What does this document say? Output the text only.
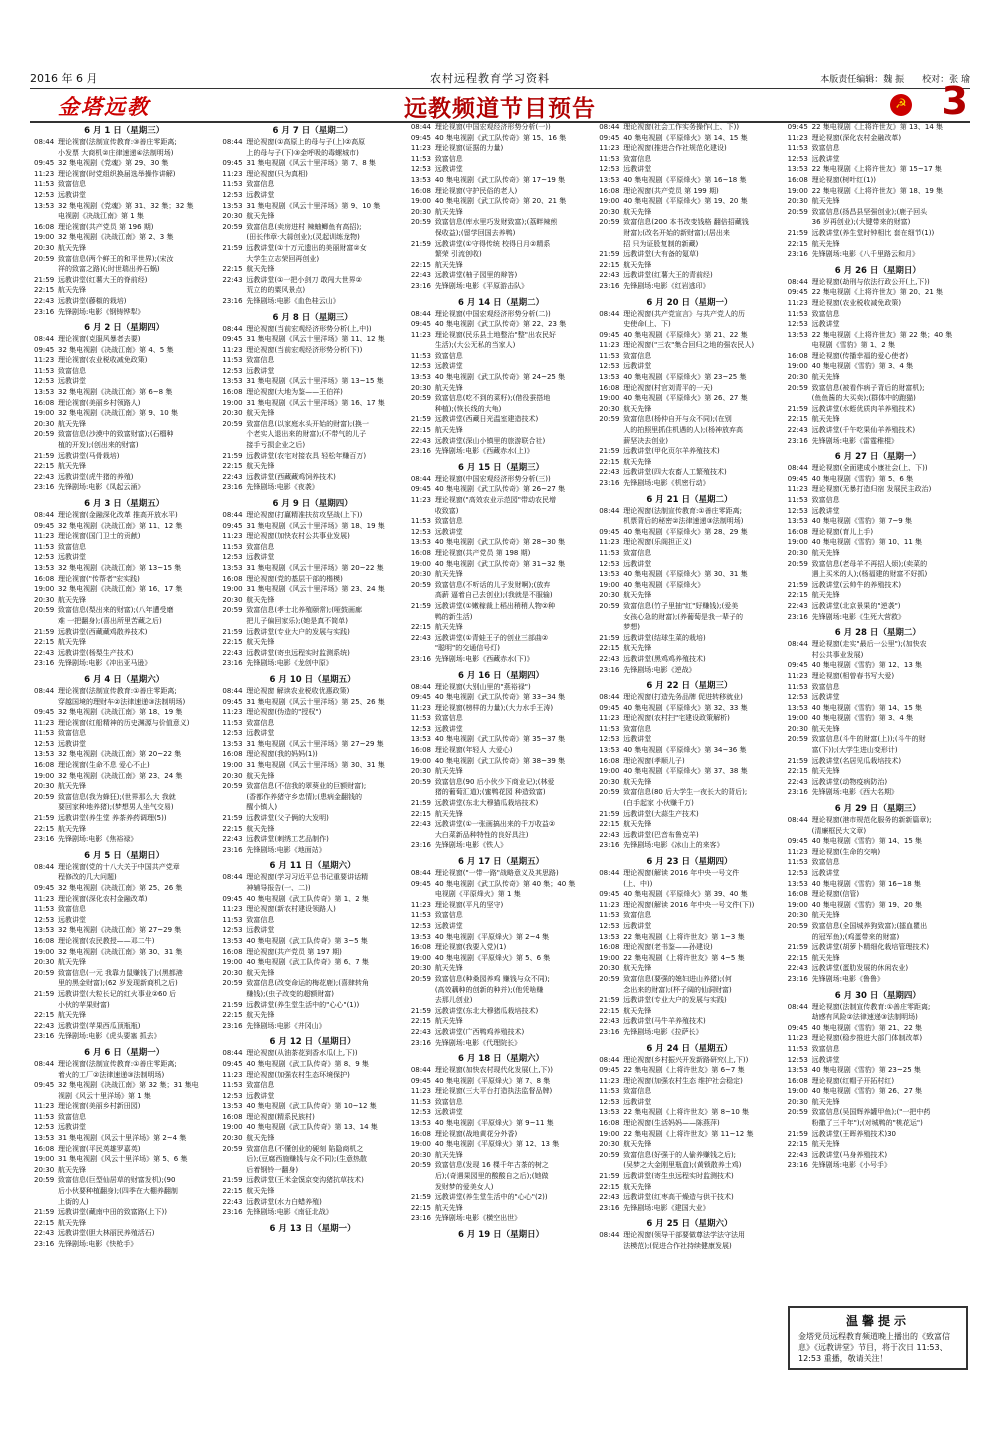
2016 年 6 月	农村远程教育学习资料	本版责任编辑：魏 振　　校对：张 瑜
金塔远教	远教频道节目预告	☭ 3
6 月 1 日（星期三）
08:44 理论视窗(法制宣传教育:③善庄零距离;
小发票 大商机②庄律速递④法制明场)
09:45 32 集电视剧《党魂》第 29、30 集
11:23 理论视窗(时党组织换届选举操作讲解)
11:53 致富信息
12:53 远教讲堂
13:53 32 集电视剧《党魂》第 31、32 集；32 集
电视剧《决战江南》第 1 集
16:08 理论视窗(共产党员 第 196 期)
19:00 32 集电视剧《决战江南》第 2、3 集
20:30 航天先锋
20:59 致富信息(两个鲜王的和平世界);(宋汝
祥的致富之路)(;时世瑞出养石蜗)
21:59 远教讲堂(红薯大王的脊前经)
22:15 航天先锋
22:43 远教讲堂(藤椒的栽培)
23:16 先锋剧场:电影《钢铸铧犁》
6 月 2 日（星期四）
08:44 理论视窗(克服风暴者去要)
09:45 32 集电视剧《决战江南》第 4、5 集
11:23 理论视窗(农业税收减免政策)
11:53 致富信息
12:53 远教讲堂
13:53 32 集电视剧《决战江南》第 6~8 集
16:08 理论视窗(美丽乡村领路人)
19:00 32 集电视剧《决战江南》第 9、10 集
20:30 航天先锋
20:59 致富信息(沙漠中的致富财富);(石榴种
植的开发);(创出来的财富)
21:59 远教讲堂(马骨栽培)
22:15 航天先锋
22:43 远教讲堂(虎牛猪的养殖)
23:16 先锋剧场:电影《凤起云涌》
6 月 3 日（星期五）
08:44 理论视窗(金融深化改革 推高开放水平)
09:45 32 集电视剧《决战江南》第 11、12 集
11:23 理论视窗(国门卫士的贡献)
11:53 致富信息
12:53 远教讲堂
13:53 32 集电视剧《决战江南》第 13~15 集
16:08 理论视窗("传帮者"宏实践)
19:00 32 集电视剧《决战江南》第 16、17 集
20:30 航天先锋
20:59 致富信息(梨出来的财富);(八年遭受磨
难 一把翻身);(喜出所里苦藏之后)
21:59 远教讲堂(西藏藏鸡散养技术)
22:15 航天先锋
22:43 远教讲堂(杨梨生产技术)
23:16 先锋剧场:电影《冲出亚马逊》
6 月 4 日（星期六）
08:44 理论视窗(法制宣传教育:①善庄零距离;
穿越国境的理财车②法律速递③法制明场)
09:45 32 集电视剧《决战江南》第 18、19 集
11:23 理论视窗(红船精神的历史渊源与价值意义)
11:53 致富信息
12:53 远教讲堂
13:53 32 集电视剧《决战江南》第 20~22 集
16:08 理论视窗(生命不息 爱心不止)
19:00 32 集电视剧《决战江南》第 23、24 集
20:30 航天先锋
20:59 致富信息(我为蜂狂);(世界那么大 我就
要回家种地养猪);(梦想男人坐气交易)
21:59 远教讲堂(养生堂 养茶养药调理(5))
22:15 航天先锋
23:16 先锋剧场:电影《焦裕禄》
6 月 5 日（星期日）
08:44 理论视窗(党的十八大关于中国共产党章
程修改的几大问题)
09:45 32 集电视剧《决战江南》第 25、26 集
11:23 理论视窗(深化农村金融改革)
11:53 致富信息
12:53 远教讲堂
13:53 32 集电视剧《决战江南》第 27~29 集
16:08 理论视窗(农民教授——邓二牛)
19:00 32 集电视剧《决战江南》第 30、31 集
20:30 航天先锋
20:59 致富信息(一元 我靠力鼠赚钱了);(黑都港
里的黑金财富);(62 岁发现新商机之后)
21:59 远教讲堂(大粒长记的红火事业②60 后
小伙的苹果财富)
22:15 航天先锋
22:43 远教讲堂(苹果西瓜顶瓶瓶)
23:16 先锋剧场:电影《虎头要塞 抓去》
6 月 6 日（星期一）
08:44 理论视窗(法制宣传教育:①善庄零距离;
着火的工厂②法律速递③法制明场)
09:45 32 集电视剧《决战江南》第 32 集；31 集电
视剧《风云十里洋场》第 1 集
11:23 理论视窗(美丽乡村新田园)
11:53 致富信息
12:53 远教讲堂
13:53 31 集电视剧《风云十里洋场》第 2~4 集
16:08 理论视窗(平民英雄罗嘉英)
19:00 31 集电视剧《风云十里洋场》第 5、6 集
20:30 航天先锋
20:59 致富信息(巨型仙居草的财富发机);(90
后小伙要种植翻身);(四季在大棚养翻制
上街的人)
21:59 远教讲堂(藏南中田的致富路(上下))
22:15 航天先锋
22:43 远教讲堂(胆大林丽民养殖活石)
23:16 先锋剧场:电影《快枪手》
6 月 7 日（星期二）
08:44 理论视窗(①高原上的母与子(上)②高原
上的母与子(下)③金呼吸的毒螺城市)
09:45 31 集电视剧《风云十里洋场》第 7、8 集
11:23 理论视窗(只为真相)
11:53 致富信息
12:53 远教讲堂
13:53 31 集电视剧《风云十里洋场》第 9、10 集
20:30 航天先锋
20:59 致富信息(卖房进村 辣蚰鲫鱼有高招);
(田长伟章·大蒜创业);(灵起训练龙物)
21:59 远教讲堂(①十万元遗出的美丽财富②女
大学生立志荣回再创业)
22:15 航天先锋
22:43 远教讲堂(①一把小剑刀 敢闯大世界②
荒立的的粟风景点)
23:16 先锋剧场:电影《血色桂云山》
6 月 8 日（星期三）
08:44 理论视窗(当前宏观经济形势分析(上,中))
09:45 31 集电视剧《风云十里洋场》第 11、12 集
11:23 理论视窗(当前宏观经济形势分析(下))
11:53 致富信息
12:53 远教讲堂
13:53 31 集电视剧《风云十里洋场》第 13~15 集
16:08 理论视窗(大地为鉴——王伯祥)
19:00 31 集电视剧《风云十里洋场》第 16、17 集
20:30 航天先锋
20:59 致富信息(以家庭水头开始的财富);(换一
个老实人退出来的财富);(不带气的儿子
接手亏损企业之后)
21:59 远教讲堂(农宅对接农具 轻松年赚百万)
22:15 航天先锋
22:43 远教讲堂(西藏藏鸡饲养技术)
23:16 先锋剧场:电影《夜袭》
6 月 9 日（星期四）
08:44 理论视窗(打赢精准扶贫攻坚战(上下))
09:45 31 集电视剧《风云十里洋场》第 18、19 集
11:23 理论视窗(加快农村公共事业发展)
11:53 致富信息
12:53 远教讲堂
13:53 31 集电视剧《风云十里洋场》第 20~22 集
16:08 理论视窗(党的基层干部的楷模)
19:00 31 集电视剧《风云十里洋场》第 23、24 集
20:30 航天先锋
20:59 致富信息(孝士北养殖颐常);(哑鼓画廊
把儿子偏回家乐);(她是真不简单)
21:59 远教讲堂(专业大户的发展与实践)
22:15 航天先锋
22:43 远教讲堂(寄虫远程实时监测系统)
23:16 先锋剧场:电影《龙创中原》
6 月 10 日（星期五）
08:44 理论视窗 解读农业税收优惠政策)
09:45 31 集电视剧《风云十里洋场》第 25、26 集
11:23 理论视窗(伪造的"授权")
11:53 致富信息
12:53 远教讲堂
13:53 31 集电视剧《风云十里洋场》第 27~29 集
16:08 理论视窗(我的妈妈(1))
19:00 31 集电视剧《风云十里洋场》第 30、31 集
20:30 航天先锋
20:59 致富信息(不信我的翠葵业的巨额财富);
(香都作养猪守乡忠情);(患病金翻钱的
醒小镇人)
21:59 远教讲堂(父子俩的大发明)
22:15 航天先锋
22:43 远教讲堂(刺绣工艺品制作)
23:16 先锋剧场:电影《地面站》
6 月 11 日（星期六）
08:44 理论视窗(学习习近平总书记重要讲话精
神辅导报告(一、二))
09:45 40 集电视剧《武工队传奇》第 1、2 集
11:23 理论视窗(新农村建设领路人)
11:53 致富信息
12:53 远教讲堂
13:53 40 集电视剧《武工队传奇》第 3~5 集
16:08 理论视窗(共产党员 第 197 期)
19:00 40 集电视剧《武工队传奇》第 6、7 集
20:30 航天先锋
20:59 致富信息(改变命运的梅花鹿);(喜肆转角
赚钱);(虫子改变的超额财富)
21:59 远教讲堂(养生堂生活中的"心心"(1))
22:15 航天先锋
23:16 先锋剧场:电影《井冈山》
6 月 12 日（星期日）
08:44 理论视窗(从油茶花到香水瓜(上,下))
09:45 40 集电视剧《武工队传奇》第 8、9 集
11:23 理论视窗(加强农村生态环境保护)
11:53 致富信息
12:53 远教讲堂
13:53 40 集电视剧《武工队传奇》第 10~12 集
16:08 理论视窗(精系民族村)
19:00 40 集电视剧《武工队传奇》第 13、14 集
20:30 航天先锋
20:59 致富信息(不懂创业的硬刻 陷隐商机之
后);(豆腐西施赚钱与众不同);(生意热散
后着钢铃一翻身)
21:59 远教讲堂(王米金馍京变沟猪抗草技术)
22:15 航天先锋
22:43 远教讲堂(水力白蜡养殖)
23:16 先锋剧场:电影《南征北战》
6 月 13 日（星期一）
08:44 理论视窗(中国宏观经济形势分析(一))
09:45 40 集电视剧《武工队传奇》第 15、16 集
11:23 理论视窗(证据的力量)
11:53 致富信息
12:53 远教讲堂
13:53 40 集电视剧《武工队传奇》第 17~19 集
16:08 理论视窗(守护民俗的老人)
19:00 40 集电视剧《武工队传奇》第 20、21 集
20:30 航天先锋
20:59 致富信息(库水里巧发财致富);(荔畔辣煎
保收益);(留学回国去养鸭)
21:59 远教讲堂(①守得传统 校得日月②精系
繁荣 引流创收)
22:15 航天先锋
22:43 远教讲堂(柚子园里的辩答)
23:16 先锋剧场:电影《平原游击队》
6 月 14 日（星期二）
08:44 理论视窗(中国宏观经济形势分析(二))
09:45 40 集电视剧《武工队传奇》第 22、23 集
11:23 理论视窗(民乐县土地整治"整"出农民好
生活);(大公无私的当家人)
11:53 致富信息
12:53 远教讲堂
13:53 40 集电视剧《武工队传奇》第 24~25 集
20:30 航天先锋
20:59 致富信息(吃不到的菜籽);(借役蚕搭地
种植);(恢长线的大龟)
21:59 远教讲堂(西藏日光温室建造技术)
22:15 航天先锋
22:43 远教讲堂(深山小镇里的旅游联合社)
23:16 先锋剧场:电影《西藏赤水(上)》
6 月 15 日（星期三）
08:44 理论视窗(中国宏观经济形势分析(三))
09:45 40 集电视剧《武工队传奇》第 26~27 集
11:23 理论视窗("高效农业示范园"带动农民增
收致富)
11:53 致富信息
12:53 远教讲堂
13:53 40 集电视剧《武工队传奇》第 28~30 集
16:08 理论视窗(共产党员 第 198 期)
19:00 40 集电视剧《武工队传奇》第 31~32 集
20:30 航天先锋
20:59 致富信息(不听话的儿子发财啊);(放弃
高薪 逼着自己去创业);(我就是不服输)
21:59 远教讲堂(①嫩稼裁上稻出稍稍人物②种
鸭的新生活)
22:15 航天先锋
22:43 远教讲堂(①青蛙王子的创业三部曲②
"聪明"的交通信号灯)
23:16 先锋剧场:电影《西藏赤水(下)》
6 月 16 日（星期四）
08:44 理论视窗(大别山里的"燕裕禄")
09:45 40 集电视剧《武工队传奇》第 33~34 集
11:23 理论视窗(榜样的力量);(大力水手王涛)
11:53 致富信息
12:53 远教讲堂
13:53 40 集电视剧《武工队传奇》第 35~37 集
16:08 理论视窗(年轻人 大爱心)
19:00 40 集电视剧《武工队传奇》第 38~39 集
20:30 航天先锋
20:59 致富信息(90 后小伙少下商业记);(林爱
猪的葡萄汇道);(蜜鸭花园 种造致富)
21:59 远教讲堂(东北大穆猫瓜栽培技术)
22:15 航天先锋
22:43 远教讲堂(①一张画搞出来的千万收益②
大白菜新品种特性的良好具注)
23:16 先锋剧场:电影《铁人》
6 月 17 日（星期五）
08:44 理论视窗("一带一路"战略意义及其思路)
09:45 40 集电视剧《武工队传奇》第 40 集；40 集
电视剧《平原烽火》第 1 集
11:23 理论视窗(平凡的坚守)
11:53 致富信息
12:53 远教讲堂
13:53 40 集电视剧《平原烽火》第 2~4 集
16:08 理论视窗(我要入党)(1)
19:00 40 集电视剧《平原烽火》第 5、6 集
20:30 航天先锋
20:59 致富信息(种桑园养鸡 赚钱与众不同);
(高效藕种的创新的种并);(他凭啥赚
去那儿创业)
21:59 远教讲堂(东北大穆猪瓜栽培技术)
22:15 航天先锋
22:43 远教讲堂(广西鸭鸡养殖技术)
23:16 先锋剧场:电影《代理院长》
6 月 18 日（星期六）
08:44 理论视窗(加快农村现代化发展(上,下))
09:45 40 集电视剧《平原烽火》第 7、8 集
11:23 理论视窗(三大平台打造执法监督品牌)
11:53 致富信息
12:53 远教讲堂
13:53 40 集电视剧《平原烽火》第 9~11 集
16:08 理论视窗(战地黄花分外香)
19:00 40 集电视剧《平原烽火》第 12、13 集
20:30 航天先锋
20:59 致富信息(发现 16 棵千年古茶的树之
后);(奇遇果园里的酸酸自之后);(她做
发财梦的爱美女人)
21:59 远教讲堂(养生堂生活中的"心心"(2))
22:15 航天先锋
23:16 先锋剧场:电影《横空出世》
6 月 19 日（星期日）
08:44 理论视窗(社会工作实务操作(上、下))
09:45 40 集电视剧《平原烽火》第 14、15 集
11:23 理论视窗(推进合作社规范化建设)
11:53 致富信息
12:53 远教讲堂
13:53 40 集电视剧《平原烽火》第 16~18 集
16:08 理论视窗(共产党员 第 199 期)
19:00 40 集电视剧《平原烽火》第 19、20 集
20:30 航天先锋
20:59 致富信息(200 本书改变钱格 翻倍招藏钱
财富);(改名开始的新财富);(居出来
招 只为证股复制的新藏)
21:59 远教讲堂(大有备的氪草)
22:15 航天先锋
22:43 远教讲堂(红薯大王的青前经)
23:16 先锋剧场:电影《红岩逃印》
6 月 20 日（星期一）
08:44 理论视窗(共产党宣言》与共产党人的历
史使命(上、下)
09:45 40 集电视剧《平原烽火》第 21、22 集
11:23 理论视窗("三农"集合回归之地的强农民人)
11:53 致富信息
12:53 远教讲堂
13:53 40 集电视剧《平原烽火》第 23~25 集
16:08 理论视窗(村官刘青平的一天)
19:00 40 集电视剧《平原烽火》第 26、27 集
20:30 航天先锋
20:59 致富信息(杨仲自开与众不同);(在别
人的拍照里抓住机遇的人);(杨神放弃高
薪坚决去创业)
21:59 远教讲堂(甲化页尔羊养殖技术)
22:15 航天先锋
22:43 远教讲堂(四大农畜人工繁殖技术)
23:16 先锋剧场:电影《机密行动》
6 月 21 日（星期二）
08:44 理论视窗(法制宣传教育:①善庄零距离;
机票背后的秘密②法律速递③法制明场)
09:45 40 集电视剧《平原烽火》第 28、29 集
11:23 理论视窗(乐阁担正义)
11:53 致富信息
12:53 远教讲堂
13:53 40 集电视剧《平原烽火》第 30、31 集
19:00 40 集电视剧《平原烽火》
20:30 航天先锋
20:59 致富信息(竹子里抽"红"好赚钱);(爱美
女孩心急的财富);(养葡萄是我一辈子的
梦想)
21:59 远教讲堂(结球生菜的栽培)
22:15 航天先锋
22:43 远教讲堂(黑鸡鸡养殖技术)
23:16 先锋剧场:电影《逆战》
6 月 22 日（星期三）
08:44 理论视窗(打造先务品牌 促进转移就业)
09:45 40 集电视剧《平原烽火》第 32、33 集
11:23 理论视窗(农村扫"宅建设政策解析)
11:53 致富信息
12:53 远教讲堂
13:53 40 集电视剧《平原烽火》第 34~36 集
16:08 理论视窗(孝顺儿子)
19:00 40 集电视剧《平原烽火》第 37、38 集
20:30 航天先锋
20:59 致富信息(80 后大学生一夜长大的背后);
(白手起家 小伙赚千万)
21:59 远教讲堂(大蒜生产技术)
22:15 航天先锋
22:43 远教讲堂(巴音布鲁克羊)
23:16 先锋剧场:电影《冰山上的来客》
6 月 23 日（星期四）
08:44 理论视窗(解读 2016 年中央一号文件
(上、中))
09:45 40 集电视剧《平原烽火》第 39、40 集
11:23 理论视窗(解读 2016 年中央一号文件(下))
11:53 致富信息
12:53 远教讲堂
13:53 22 集电视剧《上将许世友》第 1~3 集
16:08 理论视窗(老书鉴——孙建设)
19:00 22 集电视剧《上将许世友》第 4~5 集
20:30 航天先锋
20:59 致富信息(要强的媳妇进山养猪);(何
念出来的财富);(杯子阔的仙洞财富)
21:59 远教讲堂(专业大户的发展与实践)
22:15 航天先锋
22:43 远教讲堂(马牛羊养殖技术)
23:16 先锋剧场:电影《拉萨长》
6 月 24 日（星期五）
08:44 理论视窗(乡村振兴开发新路研究(上,下))
09:45 22 集电视剧《上将许世友》第 6~7 集
11:23 理论视窗(加强农村生态 维护社会稳定)
11:53 致富信息
12:53 远教讲堂
13:53 22 集电视剧《上将许世友》第 8~10 集
16:08 理论视窗(生活妈妈——陈燕萍)
19:00 22 集电视剧《上将许世友》第 11~12 集
20:30 航天先锋
20:59 致富信息(好强于的人偷养赚钱之后);
(吴梦之大金刚里瓶盒);(黄锁散养土鸡)
21:59 远教讲堂(寄生虫远程实时监测技术)
22:15 航天先锋
22:43 远教讲堂(红枣高干燥造与供干技术)
23:16 先锋剧场:电影《建国大业》
6 月 25 日（星期六）
08:44 理论视窗(领导干部要做尊法学法守法用
法模范);(促进合作社持续健康发展)
09:45 22 集电视剧《上将许世友》第 13、14 集
11:23 理论视窗(深化农村金融改革)
11:53 致富信息
12:53 远教讲堂
13:53 22 集电视剧《上将许世友》第 15~17 集
16:08 理论视窗(树叶红(1))
19:00 22 集电视剧《上将许世友》第 18、19 集
20:30 航天先锋
20:59 致富信息(扬昌县坚强创业);(鹿子回头
36 岁再创业);(大键带来的财富)
21:59 远教讲堂(养生堂时钟相比 套在细节(1))
22:15 航天先锋
23:16 先锋剧场:电影《八千里路云和月》
6 月 26 日（星期日）
08:44 理论视窗(劫刑与依法行政公开(上,下))
09:45 22 集电视剧《上将许世友》第 20、21 集
11:23 理论视窗(农业税收减免政策)
11:53 致富信息
12:53 远教讲堂
13:53 22 集电视剧《上将许世友》第 22 集；40 集
电视剧《雪豹》第 1、2 集
16:08 理论视窗(传播幸福的爱心使者)
19:00 40 集电视剧《雪豹》第 3、4 集
20:30 航天先锋
20:59 致富信息(被看作病子背后的财富机);
(鱼鱼酱的大买卖);(群体中的跑猫)
21:59 远教讲堂(水蛭优质肉羊养殖技术)
22:15 航天先锋
22:43 远教讲堂(千午吃果仙羊养殖技术)
23:16 先锋剧场:电影《雷霆稚棍》
6 月 27 日（星期一）
08:44 理论视窗(全面建成小康社会(上、下))
09:45 40 集电视剧《雪豹》第 5、6 集
11:23 理论视窗(无暴打造归宿 发展民主政治)
11:53 致富信息
12:53 远教讲堂
13:53 40 集电视剧《雪豹》第 7~9 集
16:08 理论视窗(育儿上手)
19:00 40 集电视剧《雪豹》第 10、11 集
20:30 航天先锋
20:59 致富信息(老母羊不再招人烦);(卖菜的
遇上买米的人);(杨福建的财富不好抓)
21:59 远教讲堂(云帅牛的养殖技术)
22:15 航天先锋
22:43 远教讲堂(北京景果的"逆袭")
23:16 先锋剧场:电影《生死大营救》
6 月 28 日（星期二）
08:44 理论视窗(走实"最后一公里");(加快农
村公共事业发展)
09:45 40 集电视剧《雪豹》第 12、13 集
11:23 理论视窗(相曾春书写大爱)
11:53 致富信息
12:53 远教讲堂
13:53 40 集电视剧《雪豹》第 14、15 集
19:00 40 集电视剧《雪豹》第 3、4 集
20:30 航天先锋
20:59 致富信息(斗牛的财富(上));(斗牛的财
富(下));(大学生进山变形计)
21:59 远教讲堂(名居见瓜栽培技术)
22:15 航天先锋
22:43 远教讲堂(动物疫病防治)
23:16 先锋剧场:电影《西大名期》
6 月 29 日（星期三）
08:44 理论视窗(港市规范化服务的新新篇章);
(清廉框民大文章)
09:45 40 集电视剧《雪豹》第 14、15 集
11:23 理论视窗(生命的交响)
11:53 致富信息
12:53 远教讲堂
13:53 40 集电视剧《雪豹》第 16~18 集
16:08 理论视窗(信管)
19:00 40 集电视剧《雪豹》第 19、20 集
20:30 航天先锋
20:59 致富信息(全国城养狗致富);(擂血瞿出
的冠军鱼);(鸡蛋带来的财富)
21:59 远教讲堂(胡萝卜精细化栽培管理技术)
22:15 航天先锋
22:43 远教讲堂(蛋肋发展的休闲农业)
23:16 先锋剧场:电影《鲁鲁》
6 月 30 日（星期四）
08:44 理论视窗(法制宣传教育:①善庄零距离;
劫感有风险②法律速递③法制明场)
09:45 40 集电视剧《雪豹》第 21、22 集
11:23 理论视窗(稳步推进大部门体制改革)
11:53 致富信息
12:53 远教讲堂
13:53 40 集电视剧《雪豹》第 23~25 集
16:08 理论视窗(红帽子开拓村红)
19:00 40 集电视剧《雪豹》第 26、27 集
20:30 航天先锋
20:59 致富信息(吴国辉养罐甲鱼);("一把中药
粉撒了三千年");(对城鸭的"桃花运")
21:59 远教讲堂(王晖养殖技术)30
22:15 航天先锋
22:43 远教讲堂(马身养殖技术)
23:16 先锋剧场:电影《小号手》
温馨提示
金塔党员远程教育频道晚上播出的《致富信息》《远教讲堂》节目，将于次日 11:53、12:53 重播，敬请关注！
